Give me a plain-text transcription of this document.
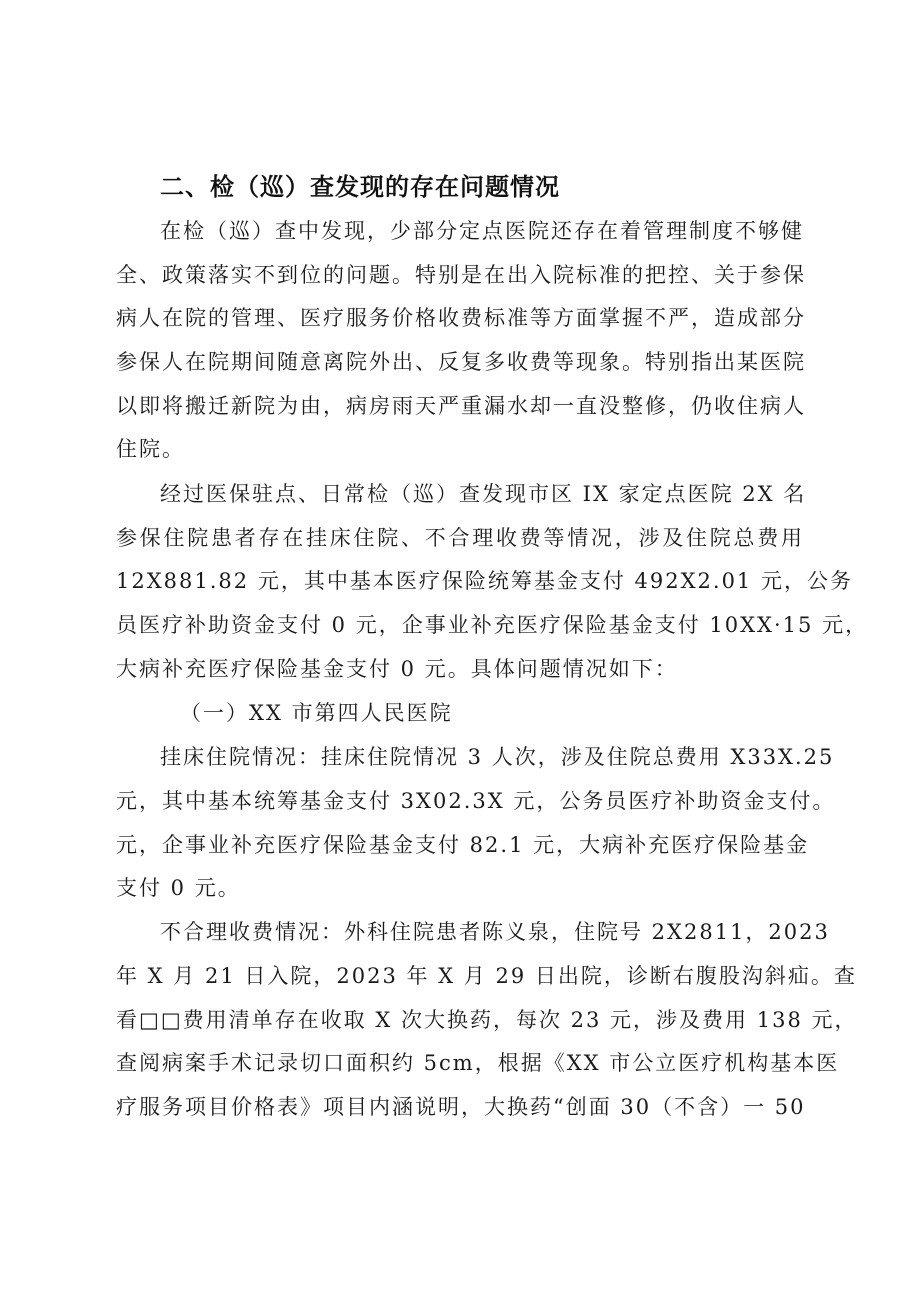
二、检（巡）查发现的存在问题情况
在检（巡）查中发现，少部分定点医院还存在着管理制度不够健
全、政策落实不到位的问题。特别是在出入院标准的把控、关于参保
病人在院的管理、医疗服务价格收费标准等方面掌握不严，造成部分
参保人在院期间随意离院外出、反复多收费等现象。特别指出某医院
以即将搬迁新院为由，病房雨天严重漏水却一直没整修，仍收住病人
住院。
经过医保驻点、日常检（巡）查发现市区 IX 家定点医院 2X 名
参保住院患者存在挂床住院、不合理收费等情况，涉及住院总费用
12X881.82 元，其中基本医疗保险统筹基金支付 492X2.01 元，公务
员医疗补助资金支付 0 元，企事业补充医疗保险基金支付 10XX·15 元，
大病补充医疗保险基金支付 0 元。具体问题情况如下：
（一）XX 市第四人民医院
挂床住院情况：挂床住院情况 3 人次，涉及住院总费用 X33X.25
元，其中基本统筹基金支付 3X02.3X 元，公务员医疗补助资金支付。
元，企事业补充医疗保险基金支付 82.1 元，大病补充医疗保险基金
支付 0 元。
不合理收费情况：外科住院患者陈义泉，住院号 2X2811，2023
年 X 月 21 日入院，2023 年 X 月 29 日出院，诊断右腹股沟斜疝。查
看□□费用清单存在收取 X 次大换药，每次 23 元，涉及费用 138 元，
查阅病案手术记录切口面积约 5cm，根据《XX 市公立医疗机构基本医
疗服务项目价格表》项目内涵说明，大换药“创面 30（不含）一 50
